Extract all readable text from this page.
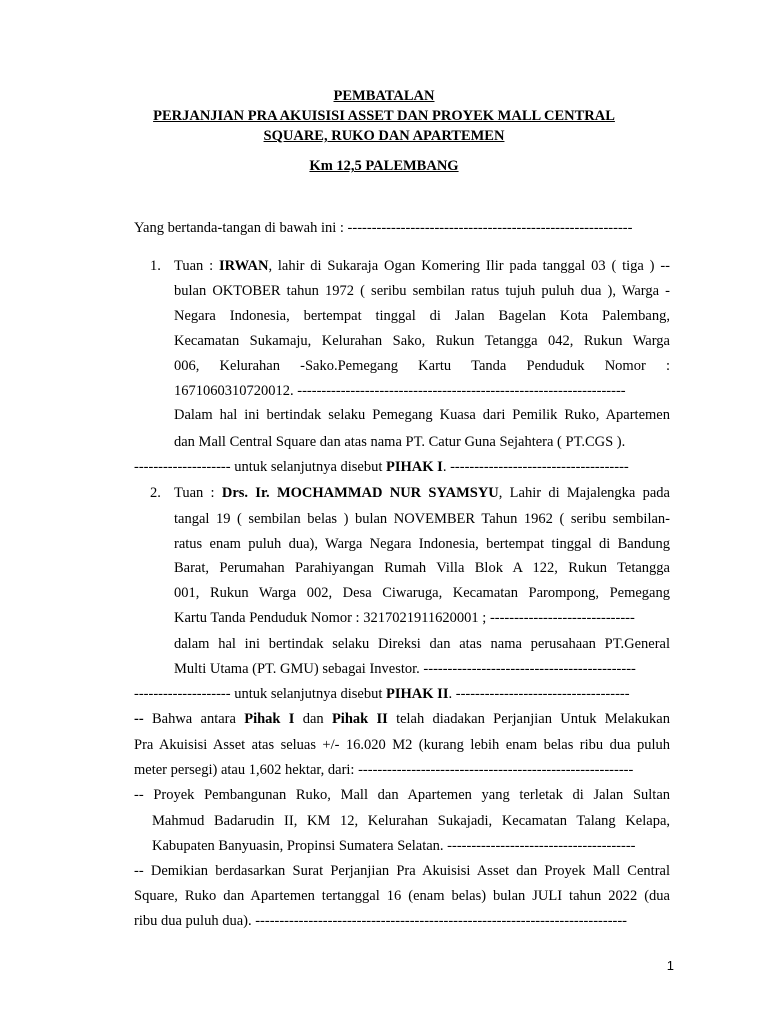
PEMBATALAN
PERJANJIAN PRA AKUISISI ASSET DAN PROYEK MALL CENTRAL
SQUARE, RUKO DAN APARTEMEN
Km 12,5 PALEMBANG
Yang bertanda-tangan di bawah ini : -----------------------------------------------------------
1. Tuan : IRWAN, lahir di Sukaraja Ogan Komering Ilir pada tanggal 03 ( tiga ) --
bulan OKTOBER tahun 1972 ( seribu sembilan ratus tujuh puluh dua ), Warga -
Negara Indonesia, bertempat tinggal di Jalan Bagelan Kota Palembang,
Kecamatan Sukamaju, Kelurahan Sako, Rukun Tetangga 042, Rukun Warga
006, Kelurahan -Sako.Pemegang Kartu Tanda Penduduk Nomor :
1671060310720012. --------------------------------------------------------------------
Dalam hal ini bertindak selaku Pemegang Kuasa dari Pemilik Ruko, Apartemen
dan Mall Central Square dan atas nama PT. Catur Guna Sejahtera ( PT.CGS ).
-------------------- untuk selanjutnya disebut PIHAK I. -------------------------------------
2. Tuan : Drs. Ir. MOCHAMMAD NUR SYAMSYU, Lahir di Majalengka pada
tangal 19 ( sembilan belas ) bulan NOVEMBER Tahun 1962 ( seribu sembilan-
ratus enam puluh dua), Warga Negara Indonesia, bertempat tinggal di Bandung
Barat, Perumahan Parahiyangan Rumah Villa Blok A 122, Rukun Tetangga
001, Rukun Warga 002, Desa Ciwaruga, Kecamatan Parompong, Pemegang
Kartu Tanda Penduduk Nomor : 3217021911620001 ; ------------------------------
dalam hal ini bertindak selaku Direksi dan atas nama perusahaan PT.General
Multi Utama (PT. GMU) sebagai Investor. --------------------------------------------
-------------------- untuk selanjutnya disebut PIHAK II. ------------------------------------
-- Bahwa antara Pihak I dan Pihak II telah diadakan Perjanjian Untuk Melakukan
Pra Akuisisi Asset atas seluas +/- 16.020 M2 (kurang lebih enam belas ribu dua puluh
meter persegi) atau 1,602 hektar, dari: ---------------------------------------------------------
-- Proyek Pembangunan Ruko, Mall dan Apartemen yang terletak di Jalan Sultan
Mahmud Badarudin II, KM 12, Kelurahan Sukajadi, Kecamatan Talang Kelapa,
Kabupaten Banyuasin, Propinsi Sumatera Selatan. ---------------------------------------
-- Demikian berdasarkan Surat Perjanjian Pra Akuisisi Asset dan Proyek Mall Central
Square, Ruko dan Apartemen tertanggal 16 (enam belas) bulan JULI tahun 2022 (dua
ribu dua puluh dua). -----------------------------------------------------------------------------
1
